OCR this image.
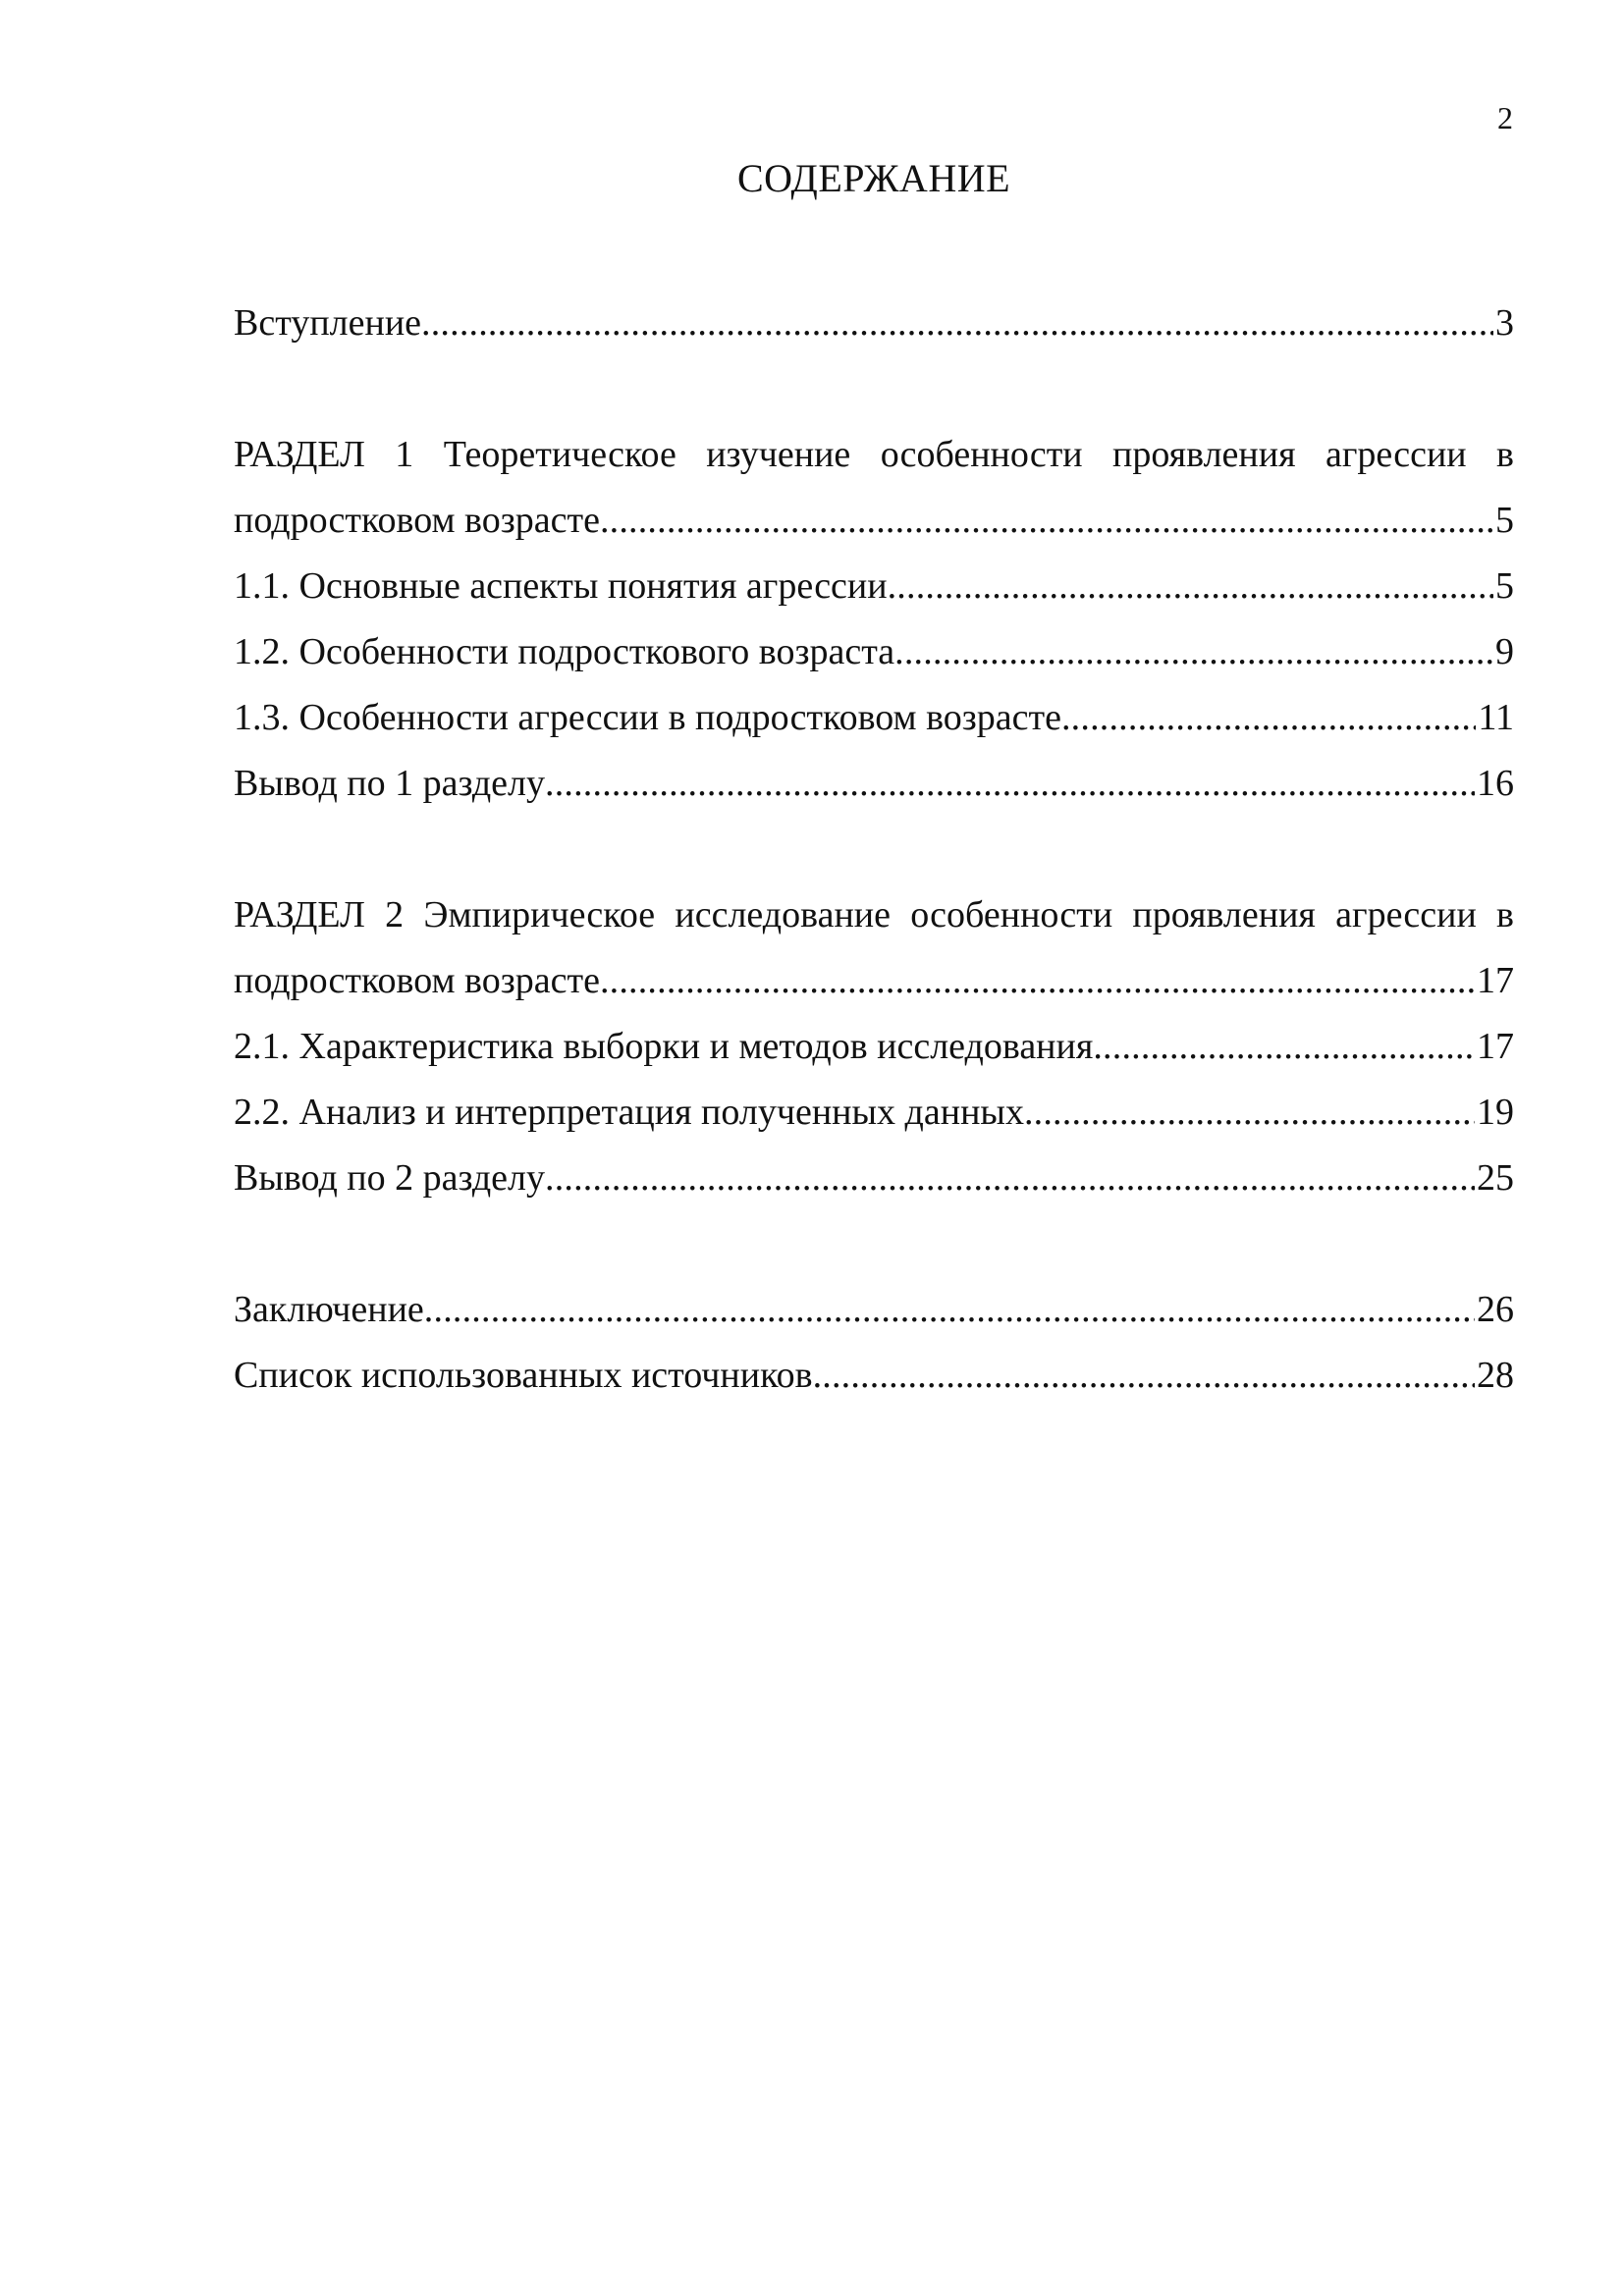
2
СОДЕРЖАНИЕ
Вступление .....	3
РАЗДЕЛ 1 Теоретическое изучение особенности проявления агрессии в
подростковом возрасте .....	5
1.1. Основные аспекты понятия агрессии .....	5
1.2. Особенности подросткового возраста .....	9
1.3. Особенности агрессии в подростковом возрасте .....	11
Вывод по 1 разделу .....	16
РАЗДЕЛ 2 Эмпирическое исследование особенности проявления агрессии в
подростковом возрасте .....	17
2.1. Характеристика выборки и методов исследования .....	17
2.2. Анализ и интерпретация полученных данных .....	19
Вывод по 2 разделу .....	25
Заключение .....	26
Список использованных источников .....	28
